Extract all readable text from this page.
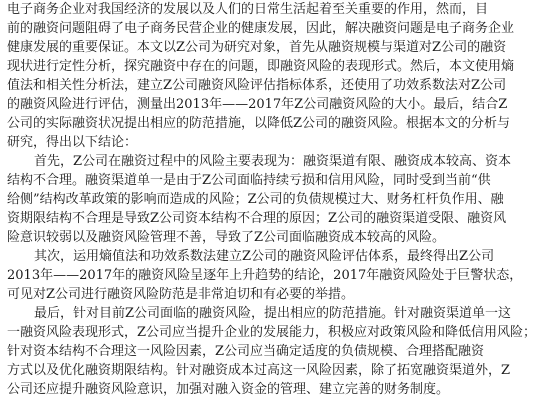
电子商务企业对我国经济的发展以及人们的日常生活起着至关重要的作用，然而，目
前的融资问题阻碍了电子商务民营企业的健康发展，因此，解决融资问题是电子商务企业
健康发展的重要保证。本文以Z公司为研究对象，首先从融资规模与渠道对Z公司的融资
现状进行定性分析，探究融资中存在的问题，即融资风险的表现形式。然后，本文使用熵
值法和相关性分析法，建立Z公司融资风险评估指标体系，还使用了功效系数法对Z公司
的融资风险进行评估，测量出2013年——2017年Z公司融资风险的大小。最后，结合Z
公司的实际融资状况提出相应的防范措施，以降低Z公司的融资风险。根据本文的分析与
研究，得出以下结论：
首先，Z公司在融资过程中的风险主要表现为：融资渠道有限、融资成本较高、资本
结构不合理。融资渠道单一是由于Z公司面临持续亏损和信用风险，同时受到当前“供
给侧”结构改革政策的影响而造成的风险；Z公司的负债规模过大、财务杠杆负作用、融
资期限结构不合理是导致Z公司资本结构不合理的原因；Z公司的融资渠道受限、融资风
险意识较弱以及融资风险管理不善，导致了Z公司面临融资成本较高的风险。
其次，运用熵值法和功效系数法建立Z公司的融资风险评估体系，最终得出Z公司
2013年——2017年的融资风险呈逐年上升趋势的结论，2017年融资风险处于巨警状态，
可见对Z公司进行融资风险防范是非常迫切和有必要的举措。
最后，针对目前Z公司面临的融资风险，提出相应的防范措施。针对融资渠道单一这
一融资风险表现形式，Z公司应当提升企业的发展能力，积极应对政策风险和降低信用风险；
针对资本结构不合理这一风险因素，Z公司应当确定适度的负债规模、合理搭配融资
方式以及优化融资期限结构。针对融资成本过高这一风险因素，除了拓宽融资渠道外，Z
公司还应提升融资风险意识，加强对融入资金的管理、建立完善的财务制度。
